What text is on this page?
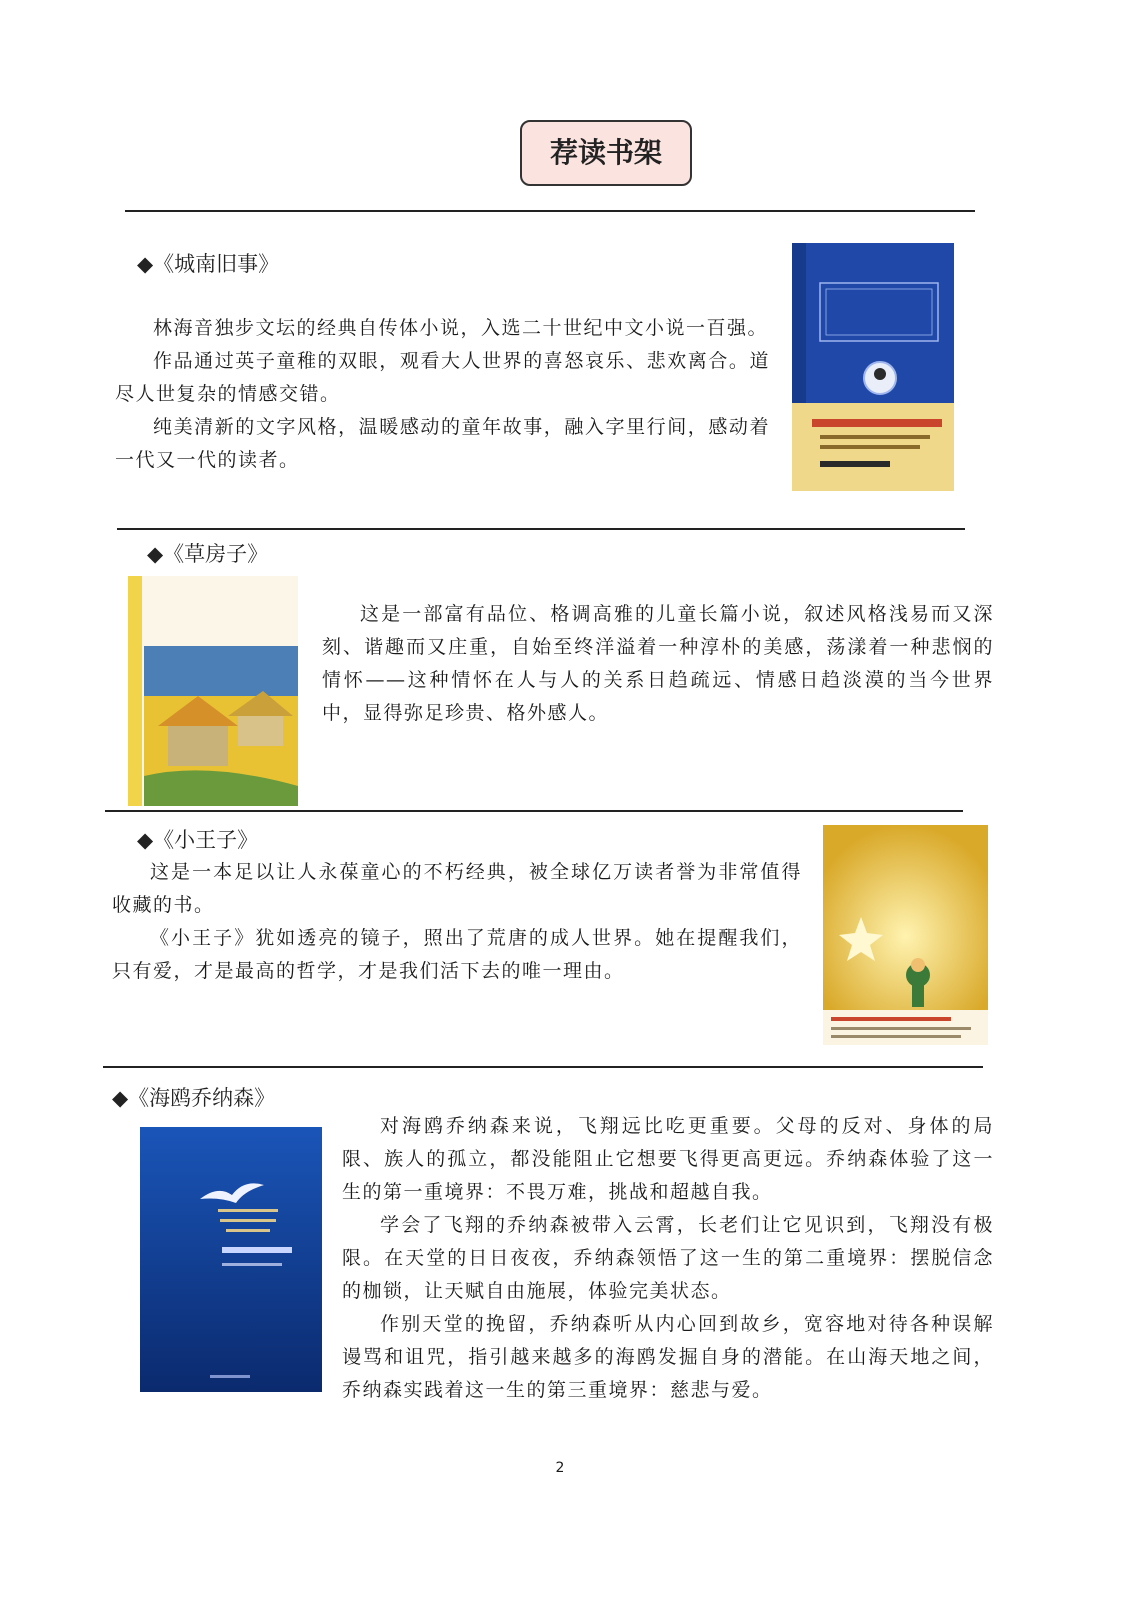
荐读书架
◆《城南旧事》

林海音独步文坛的经典自传体小说，入选二十世纪中文小说一百强。

作品通过英子童稚的双眼，观看大人世界的喜怒哀乐、悲欢离合。道尽人世复杂的情感交错。

纯美清新的文字风格，温暖感动的童年故事，融入字里行间，感动着一代又一代的读者。

◆《草房子》
这是一部富有品位、格调高雅的儿童长篇小说，叙述风格浅易而又深刻、谐趣而又庄重，自始至终洋溢着一种淳朴的美感，荡漾着一种悲悯的情怀——这种情怀在人与人的关系日趋疏远、情感日趋淡漠的当今世界中，显得弥足珍贵、格外感人。
◆《小王子》

这是一本足以让人永葆童心的不朽经典，被全球亿万读者誉为非常值得收藏的书。

《小王子》犹如透亮的镜子，照出了荒唐的成人世界。她在提醒我们，只有爱，才是最高的哲学，才是我们活下去的唯一理由。

◆《海鸥乔纳森》

对海鸥乔纳森来说，飞翔远比吃更重要。父母的反对、身体的局限、族人的孤立，都没能阻止它想要飞得更高更远。乔纳森体验了这一生的第一重境界：不畏万难，挑战和超越自我。

学会了飞翔的乔纳森被带入云霄，长老们让它见识到，飞翔没有极限。在天堂的日日夜夜，乔纳森领悟了这一生的第二重境界：摆脱信念的枷锁，让天赋自由施展，体验完美状态。

作别天堂的挽留，乔纳森听从内心回到故乡，宽容地对待各种误解谩骂和诅咒，指引越来越多的海鸥发掘自身的潜能。在山海天地之间，乔纳森实践着这一生的第三重境界：慈悲与爱。

2
